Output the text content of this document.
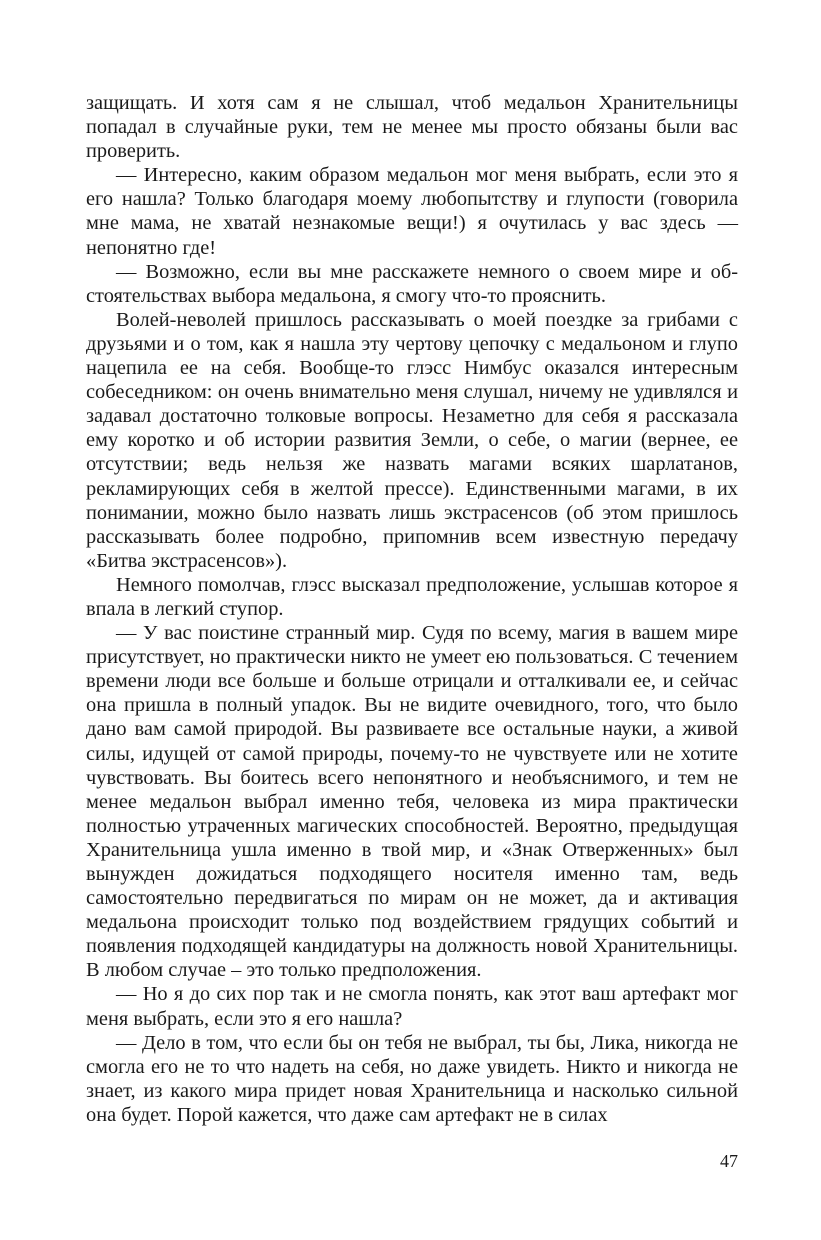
защищать. И хотя сам я не слышал, чтоб медальон Хранительницы попадал в случайные руки, тем не менее мы просто обязаны были вас проверить.

— Интересно, каким образом медальон мог меня выбрать, если это я его нашла? Только благодаря моему любопытству и глупости (говорила мне мама, не хватай незнакомые вещи!) я очутилась у вас здесь — непонятно где!

— Возможно, если вы мне расскажете немного о своем мире и обстоятельствах выбора медальона, я смогу что-то прояснить.

Волей-неволей пришлось рассказывать о моей поездке за грибами с друзьями и о том, как я нашла эту чертову цепочку с медальоном и глупо нацепила ее на себя. Вообще-то глэсс Нимбус оказался интересным собеседником: он очень внимательно меня слушал, ничему не удивлялся и задавал достаточно толковые вопросы. Незаметно для себя я рассказала ему коротко и об истории развития Земли, о себе, о магии (вернее, ее отсутствии; ведь нельзя же назвать магами всяких шарлатанов, рекламирующих себя в желтой прессе). Единственными магами, в их понимании, можно было назвать лишь экстрасенсов (об этом пришлось рассказывать более подробно, припомнив всем известную передачу «Битва экстрасенсов»).

Немного помолчав, глэсс высказал предположение, услышав которое я впала в легкий ступор.

— У вас поистине странный мир. Судя по всему, магия в вашем мире присутствует, но практически никто не умеет ею пользоваться. С течением времени люди все больше и больше отрицали и отталкивали ее, и сейчас она пришла в полный упадок. Вы не видите очевидного, того, что было дано вам самой природой. Вы развиваете все остальные науки, а живой силы, идущей от самой природы, почему-то не чувствуете или не хотите чувствовать. Вы боитесь всего непонятного и необъяснимого, и тем не менее медальон выбрал именно тебя, человека из мира практически полностью утраченных магических способностей. Вероятно, предыдущая Хранительница ушла именно в твой мир, и «Знак Отверженных» был вынужден дожидаться подходящего носителя именно там, ведь самостоятельно передвигаться по мирам он не может, да и активация медальона происходит только под воздействием грядущих событий и появления подходящей кандидатуры на должность новой Хранительницы. В любом случае – это только предположения.

— Но я до сих пор так и не смогла понять, как этот ваш артефакт мог меня выбрать, если это я его нашла?

— Дело в том, что если бы он тебя не выбрал, ты бы, Лика, никогда не смогла его не то что надеть на себя, но даже увидеть. Никто и никогда не знает, из какого мира придет новая Хранительница и насколько сильной она будет. Порой кажется, что даже сам артефакт не в силах

47
